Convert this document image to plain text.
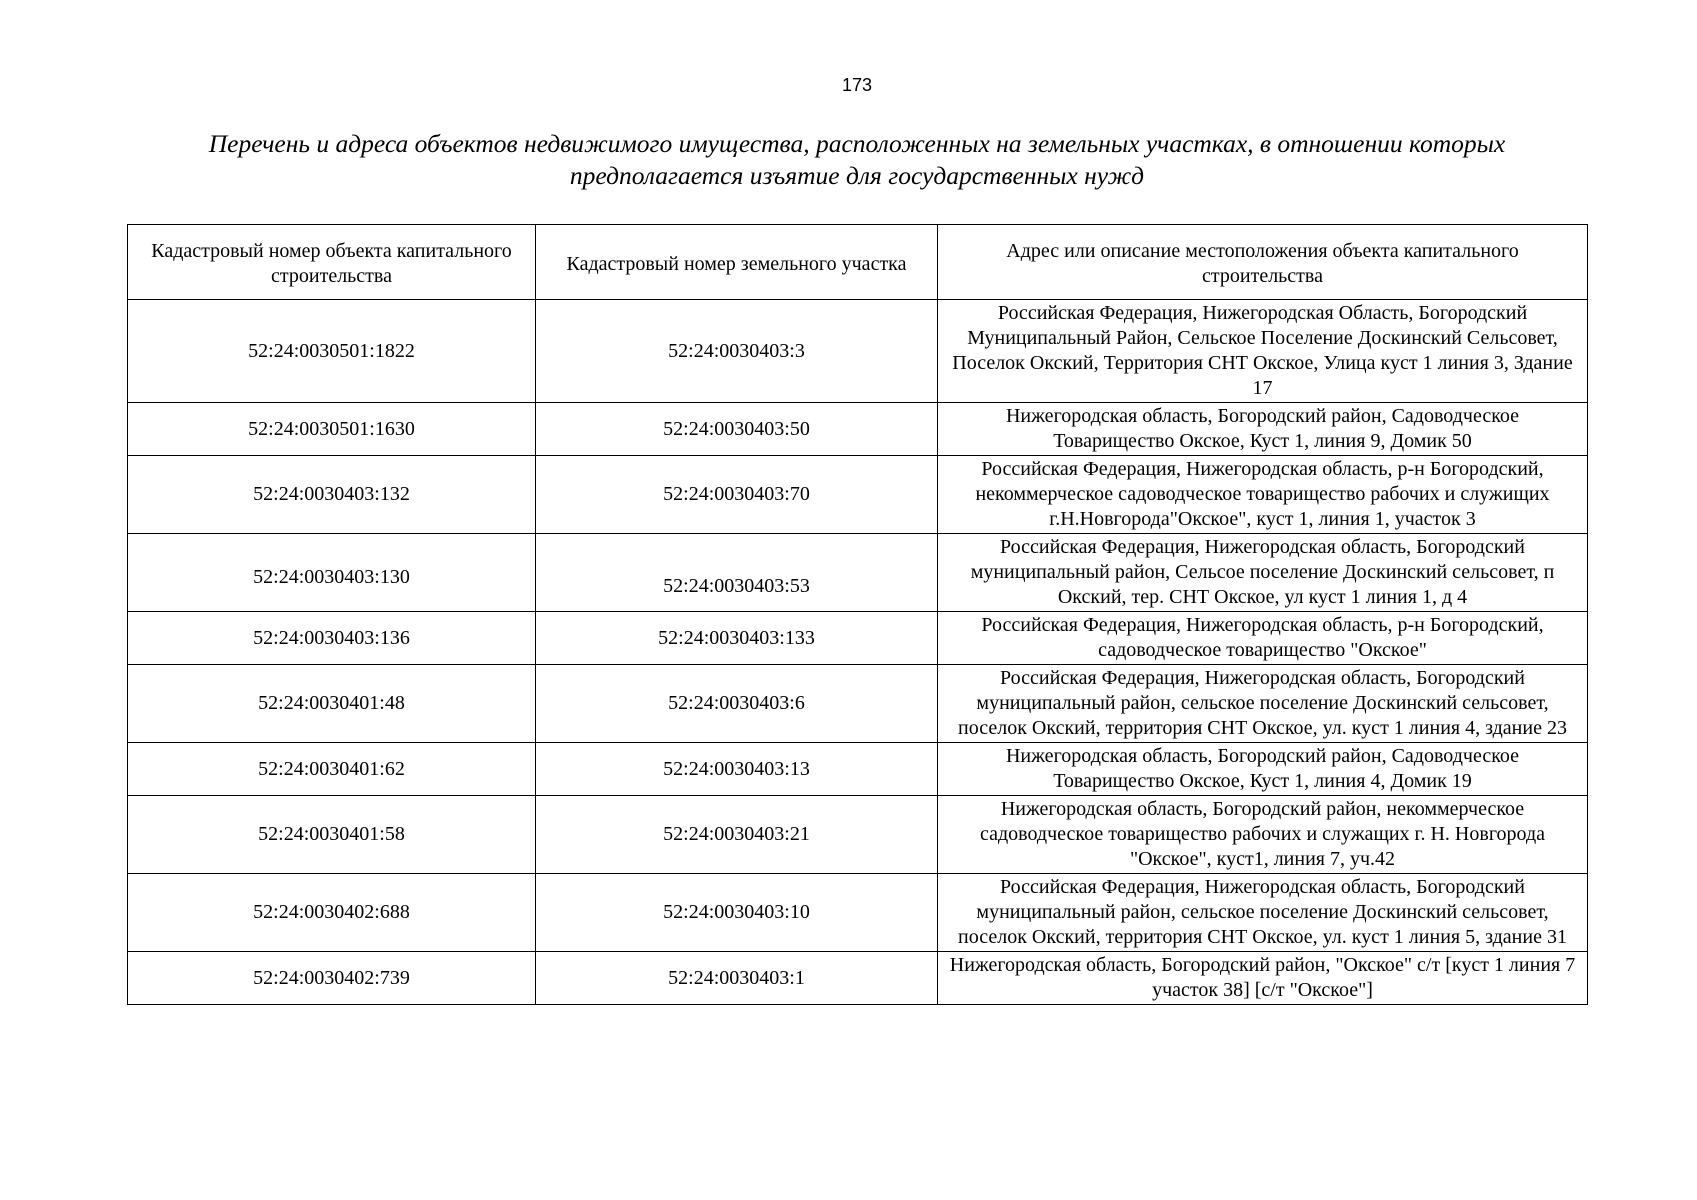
173
Перечень и адреса объектов недвижимого имущества, расположенных на земельных участках, в отношении которых
предполагается изъятие для государственных нужд
Кадастровый номер объекта капитального строительства	Кадастровый номер земельного участка	Адрес или описание местоположения объекта капитального строительства
52:24:0030501:1822	52:24:0030403:3	Российская Федерация, Нижегородская Область, Богородский Муниципальный Район, Сельское Поселение Доскинский Сельсовет, Поселок Окский, Территория СНТ Окское, Улица куст 1 линия 3, Здание 17
52:24:0030501:1630	52:24:0030403:50	Нижегородская область, Богородский район, Садоводческое Товарищество Окское, Куст 1, линия 9, Домик 50
52:24:0030403:132	52:24:0030403:70	Российская Федерация, Нижегородская область, р-н Богородский, некоммерческое садоводческое товарищество рабочих и служищих г.Н.Новгорода"Окское", куст 1, линия 1, участок 3
52:24:0030403:130	52:24:0030403:53	Российская Федерация, Нижегородская область, Богородский муниципальный район, Сельсое поселение Доскинский сельсовет, п Окский, тер. СНТ Окское, ул куст 1 линия 1, д 4
52:24:0030403:136	52:24:0030403:133	Российская Федерация, Нижегородская область, р-н Богородский, садоводческое товарищество "Окское"
52:24:0030401:48	52:24:0030403:6	Российская Федерация, Нижегородская область, Богородский муниципальный район, сельское поселение Доскинский сельсовет, поселок Окский, территория СНТ Окское, ул. куст 1 линия 4, здание 23
52:24:0030401:62	52:24:0030403:13	Нижегородская область, Богородский район, Садоводческое Товарищество Окское, Куст 1, линия 4, Домик 19
52:24:0030401:58	52:24:0030403:21	Нижегородская область, Богородский район, некоммерческое садоводческое товарищество рабочих и служащих г. Н. Новгорода "Окское", куст1, линия 7, уч.42
52:24:0030402:688	52:24:0030403:10	Российская Федерация, Нижегородская область, Богородский муниципальный район, сельское поселение Доскинский сельсовет, поселок Окский, территория СНТ Окское, ул. куст 1 линия 5, здание 31
52:24:0030402:739	52:24:0030403:1	Нижегородская область, Богородский район, "Окское" с/т [куст 1 линия 7 участок 38] [с/т "Окское"]
